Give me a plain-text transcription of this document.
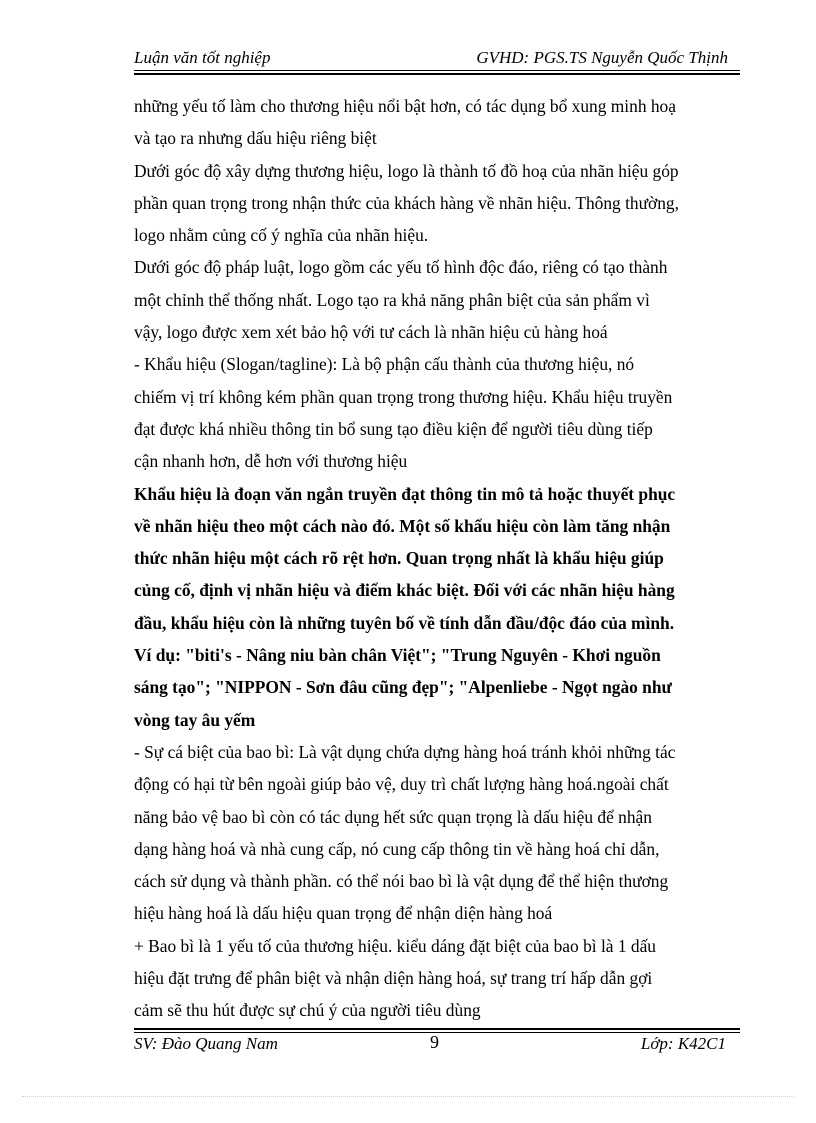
Luận văn tốt nghiệp	GVHD: PGS.TS Nguyễn Quốc Thịnh

những yếu tố làm cho thương hiệu nổi bật hơn, có tác dụng bổ xung minh hoạ

và tạo ra nhưng dấu hiệu riêng biệt

Dưới góc độ xây dựng thương hiệu, logo là thành tố đồ hoạ của nhãn hiệu góp

phần quan trọng trong nhận thức của khách hàng về nhãn hiệu. Thông thường,

logo nhằm củng cố ý nghĩa của nhãn hiệu.

Dưới góc độ pháp luật, logo gồm các yếu tố hình độc đáo, riêng có tạo thành

một chỉnh thể thống nhất. Logo tạo ra khả năng phân biệt của sản phẩm vì

vậy, logo được xem xét bảo hộ với tư cách là nhãn hiệu củ hàng hoá

- Khẩu hiệu (Slogan/tagline): Là bộ phận cấu thành của thương hiệu, nó

chiếm vị trí không kém phần quan trọng trong thương hiệu. Khẩu hiệu truyền

đạt được khá nhiều thông tin bổ sung tạo điều kiện để người tiêu dùng tiếp

cận nhanh hơn, dễ hơn với thương hiệu

Khẩu hiệu là đoạn văn ngắn truyền đạt thông tin mô tả hoặc thuyết phục

về nhãn hiệu theo một cách nào đó. Một số khẩu hiệu còn làm tăng nhận

thức nhãn hiệu một cách rõ rệt hơn. Quan trọng nhất là khẩu hiệu giúp

củng cố, định vị nhãn hiệu và điểm khác biệt. Đối với các nhãn hiệu hàng

đầu, khẩu hiệu còn là những tuyên bố về tính dẫn đầu/độc đáo của mình.

Ví dụ: "biti's - Nâng niu bàn chân Việt"; "Trung Nguyên - Khơi nguồn

sáng tạo"; "NIPPON - Sơn đâu cũng đẹp"; "Alpenliebe - Ngọt ngào như

vòng tay âu yếm

- Sự cá biệt của bao bì: Là vật dụng chứa dựng hàng hoá tránh khỏi những tác

động có hại từ bên ngoài giúp bảo vệ, duy trì chất lượng hàng hoá.ngoài chất

năng bảo vệ bao bì còn có tác dụng hết sức quạn trọng là dấu hiệu để nhận

dạng hàng hoá và nhà cung cấp, nó cung cấp thông tin về hàng hoá chỉ dẫn,

cách sử dụng và thành phần. có thể nói bao bì là vật dụng để thể hiện thương

hiệu hàng hoá là dấu hiệu quan trọng để nhận diện hàng hoá

+ Bao bì là 1 yếu tố của thương hiệu. kiểu dáng đặt biệt của bao bì là 1 dấu

hiệu đặt trưng để phân biệt và nhận diện hàng hoá, sự trang trí hấp dẫn gợi

cảm sẽ thu hút được sự chú ý của người tiêu dùng

SV: Đào Quang Nam	9	Lớp: K42C1
